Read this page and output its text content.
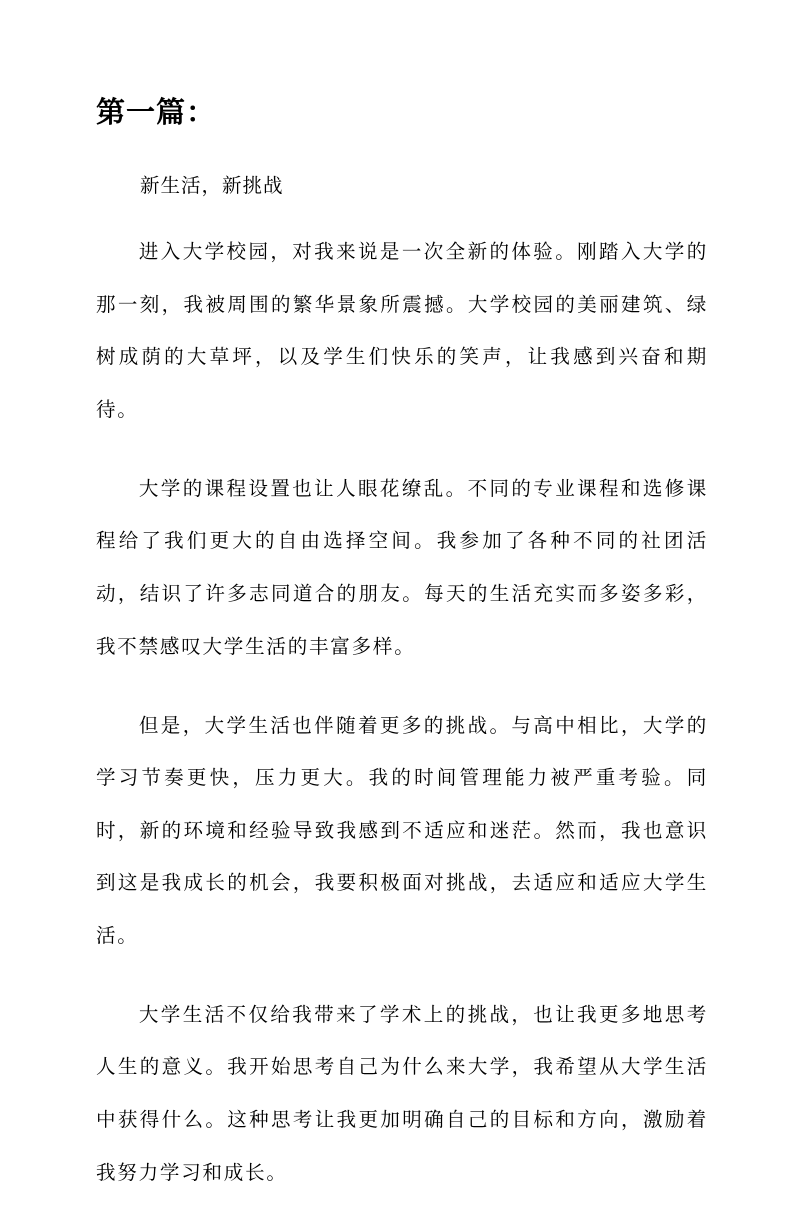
第一篇：

新生活，新挑战

进入大学校园，对我来说是一次全新的体验。刚踏入大学的那一刻，我被周围的繁华景象所震撼。大学校园的美丽建筑、绿树成荫的大草坪，以及学生们快乐的笑声，让我感到兴奋和期待。

大学的课程设置也让人眼花缭乱。不同的专业课程和选修课程给了我们更大的自由选择空间。我参加了各种不同的社团活动，结识了许多志同道合的朋友。每天的生活充实而多姿多彩，我不禁感叹大学生活的丰富多样。

但是，大学生活也伴随着更多的挑战。与高中相比，大学的学习节奏更快，压力更大。我的时间管理能力被严重考验。同时，新的环境和经验导致我感到不适应和迷茫。然而，我也意识到这是我成长的机会，我要积极面对挑战，去适应和适应大学生活。

大学生活不仅给我带来了学术上的挑战，也让我更多地思考人生的意义。我开始思考自己为什么来大学，我希望从大学生活中获得什么。这种思考让我更加明确自己的目标和方向，激励着我努力学习和成长。
